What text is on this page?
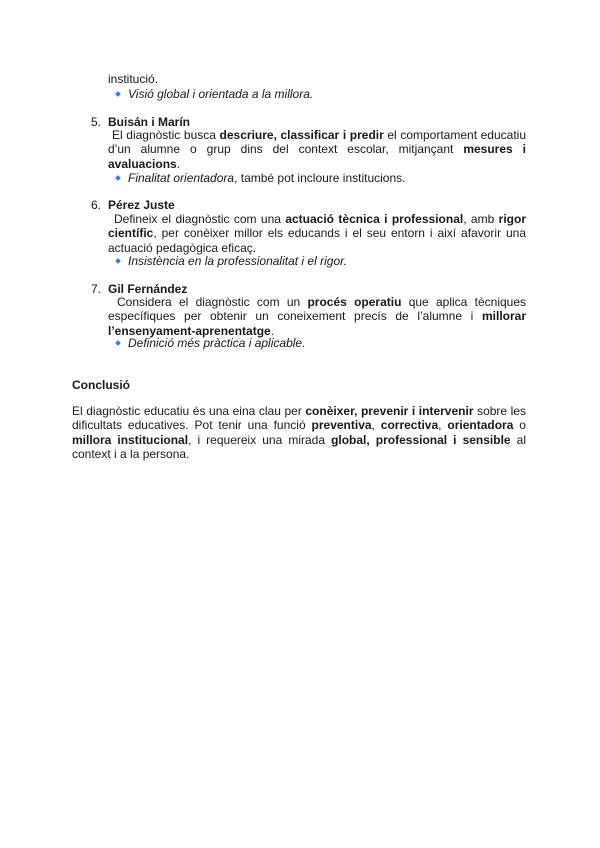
institució.
Visió global i orientada a la millora.
5. Buisán i Marín
El diagnòstic busca descriure, classificar i predir el comportament educatiu d’un alumne o grup dins del context escolar, mitjançant mesures i avaluacions.
Finalitat orientadora, també pot incloure institucions.
6. Pérez Juste
Defineix el diagnòstic com una actuació tècnica i professional, amb rigor científic, per conèixer millor els educands i el seu entorn i així afavorir una actuació pedagògica eficaç.
Insistència en la professionalitat i el rigor.
7. Gil Fernández
Considera el diagnòstic com un procés operatiu que aplica tècniques específiques per obtenir un coneixement precís de l’alumne i millorar l’ensenyament-aprenentatge.
Definició més pràctica i aplicable.
Conclusió
El diagnòstic educatiu és una eina clau per conèixer, prevenir i intervenir sobre les dificultats educatives. Pot tenir una funció preventiva, correctiva, orientadora o millora institucional, i requereix una mirada global, professional i sensible al context i a la persona.
